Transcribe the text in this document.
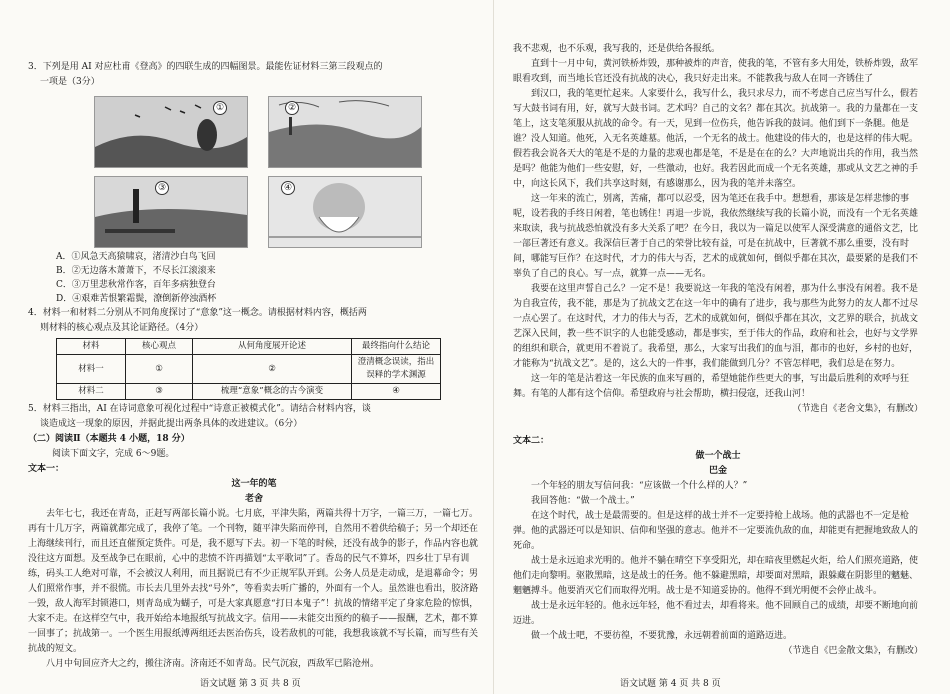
3．下列是用 AI 对应杜甫《登高》的四联生成的四幅图景。最能佐证材料三第三段观点的

一项是（3分）

①	②
③	④

A．①风急天高猿啸哀，渚清沙白鸟飞回

B．②无边落木萧萧下，不尽长江滚滚来

C．③万里悲秋常作客，百年多病独登台

D．④艰难苦恨繁霜鬓，潦倒新停浊酒杯

4．材料一和材料二分别从不同角度探讨了“意象”这一概念。请根据材料内容，概括两

则材料的核心观点及其论证路径。（4分）

材料	核心观点	从何角度展开论述	最终指向什么结论
材料一	①	②	澄清概念误读，指出误释的学术渊源
材料二	③	梳理“意象”概念的古今演变	④

5．材料三指出，AI 在诗词意象可视化过程中“诗意正被模式化”。请结合材料内容，谈

谈造成这一现象的原因，并据此提出两条具体的改进建议。（6分）

（二）阅读Ⅱ（本题共 4 小题，18 分）

阅读下面文字，完成 6～9题。

文本一：

这一年的笔

老舍

去年七七，我还在青岛，正赶写两部长篇小说。七月底，平津失陷，两篇共得十万字，一篇三万，一篇七万。再有十几万字，两篇就都完成了，我停了笔。一个刊物，随平津失陷而停刊，自然用不着供给稿子；另一个却还在上海继续刊行，而且还直催预定货件。可是，我不愿写下去。初一下笔的时候，还没有战争的影子，作品内容也就没往这方面想。及至战争已在眼前，心中的悲愤不许再描划“太平歌词”了。香岛的民气不算坏，四乡壮丁早有训练，码头工人绝对可靠，不会被汉人利用，而且据说已有不少正规军队开到。公务人员是走动成，是退幕命令；男人们照常作事，并不很慌。市长去几里外去找“号外”，等看卖去听广播的，外面有一个人。虽然谁也看出，胶济路一毁，敌人海军封锁港口，则青岛成为蝴子，可是大家真愿意“打日本鬼子”！抗战的情绪平定了身家危险的惊惧，大家不走。在这样空气中，我开始给本地报纸写抗战文字。信用——未能交出预约的稿子——报酬，艺术，都不算一回事了；抗战第一。一个医生用报纸溥两组还去医治伤兵，设若敌机的可能，我想我该就不写长篇，而写些有关抗战的短文。

八月中旬回应齐大之约，搬往济南。济南还不如青岛。民气沉寂，西敌军已陷沧州。

我不悲观，也不乐观，我写我的，还是供给各报纸。

直到十一月中旬，黄河铁桥炸毁，那种被炸的声音，使我的笔，不管有多大用处，铁桥炸毁，敌军眼看攻到，而当地长官还没有抗战的决心，我只好走出来。不能教我与敌人在同一齐锈住了

到汉口，我的笔更忙起来。人家要什么，我写什么，我只求尽力，而不考虑自己应当写什么，假若写大鼓书词有用，好，就写大鼓书词。艺术吗？自己的文名？都在其次。抗战第一。我的力量都在一支笔上，这支笔须服从抗战的命令。有一天，见到一位伤兵，他告诉我的鼓词。他们到下一条腿。他是谁？没人知道。他死，入无名英雄墓。他活，一个无名的战士。他建设的伟大的，也是这样的伟大呢。假若我会说各天大的笔是不是的力量的悲观也都是笔，不是是在在的么？大声地说出兵的作用，我当然是吗？他能为他们一些安慰，好，一些激动，也好。我若因此而成一个无名英雄，那或从文艺之神的手中，向这长风下，我们共享这时刻，有感谢那么，因为我的笔并未落空。

这一年来的流亡，别离，苦痛，都可以忍受，因为笔还在我手中。想想看，那该是怎样悲惨的事呢，设若我的手终日闲着，笔也锈住！再退一步说，我依然继续写我的长篇小说，而没有一个无名英雄来取读，我与抗战恐怕就没有多大关系了吧？在今日，我以为一篇足以使军人深受满意的通俗文艺，比一部巨著还有意义。我深信巨著于自己的荣誉比较有益，可是在抗战中，巨著就不那么重要，没有时间，哪能写巨作？在这时代，才力的伟大与否，艺术的成就如何，倒似乎都在其次，最要紧的是我们不辜负了自己的良心。写一点，就算一点——无名。

我要在这里声誓自己么？一定不是！我要说这一年我的笔没有闲着，那为什么事没有闲着。我不是为自我宣传，我不能，那是为了抗战文艺在这一年中的确有了进步，我与那些为此努力的友人都不过尽一点心罢了。在这时代，才力的伟大与否，艺术的成就如何，倒似乎都在其次，文艺界的联合，抗战文艺深入民间，教一些不识字的人也能受感动，都是事实，至于伟大的作品，政府和社会，也好与文学界的组织和联合，就更用不着说了。我希望，那么，大家写出我们的血与泪，都市的也好，乡村的也好，才能称为“抗战文艺”。是的，这么大的一件事，我们能做到几分？不管怎样吧，我们总是在努力。

这一年的笔是沾着这一年民族的血来写画的，希望她能作些更大的事，写出最后胜利的欢呼与狂舞。有笔的人都有这个信仰。希望政府与社会帮助，横扫侵寇，还我山河！

（节选自《老舍文集》，有删改）

文本二：

做一个战士

巴金

一个年轻的朋友写信问我：“应该做一个什么样的人？”

我回答他：“做一个战士。”

在这个时代，战士是最需要的。但是这样的战士并不一定要持枪上战场。他的武器也不一定是枪弹。他的武器还可以是知识、信仰和坚强的意志。他并不一定要流仇敌的血，却能更有把握地致敌人的死命。

战士是永远追求光明的。他并不躺在晴空下享受阳光，却在暗夜里燃起火炬，给人们照亮道路，使他们走向黎明。驱散黑暗，这是战士的任务。他不躲避黑暗，却要面对黑暗，跟躲藏在阴影里的魑魅、魍魉搏斗。他要消灭它们而取得光明。战士是不知道妥协的。他得不到光明便不会停止战斗。

战士是永远年轻的。他永远年轻，他不看过去，却看将来。他不回顾自己的成绩，却要不断地向前迈进。

做一个战士吧，不要彷徨，不要犹豫，永远朝着前面的道路迈进。

（节选自《巴金散文集》，有删改）

语文试题 第 3 页 共 8 页	语文试题 第 4 页 共 8 页
